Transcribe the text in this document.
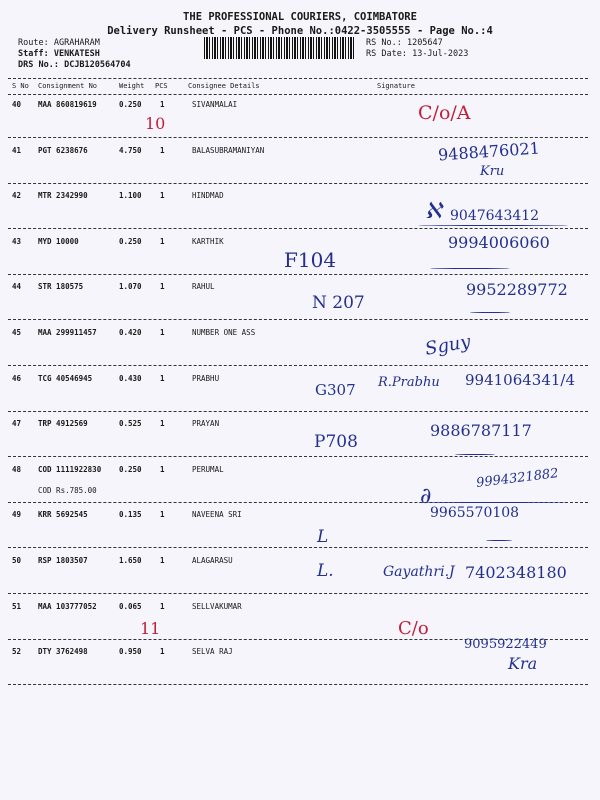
THE PROFESSIONAL COURIERS, COIMBATORE
Delivery Runsheet - PCS - Phone No.:0422-3505555 - Page No.:4
Route: AGRAHARAM
Staff: VENKATESH
DRS No.: DCJB120564704
RS No.: 1205647
RS Date: 13-Jul-2023
S No Consignment No	Weight PCS	Consignee Details	Signature
40 MAA 860819619	0.250 1	SIVANMALAI
41 PGT 6238676	4.750 1	BALASUBRAMANIYAN
42 MTR 2342990	1.100 1	HINDMAD
43 MYD 10000	0.250 1	KARTHIK
44 STR 180575	1.070 1	RAHUL
45 MAA 299911457	0.420 1	NUMBER ONE ASS
46 TCG 40546945	0.430 1	PRABHU
47 TRP 4912569	0.525 1	PRAYAN
48 COD 1111922830 0.250 1	PERUMAL
COD Rs.785.00
49 KRR 5692545	0.135 1	NAVEENA SRI
50 RSP 1803507	1.650 1	ALAGARASU
51 MAA 103777052	0.065 1	SELLVAKUMAR
52 DTY 3762498	0.950 1	SELVA RAJ
10	C/o/A
9488476021
Kru
ℵ 9047643412
F104
9994006060
N 207
9952289772
Sguy
G307 R.Prabhu 9941064341/4
P708
9886787117
∂
9994321882
9965570108
L
L.	Gayathri.J 7402348180
11	C/o
9095922449
Kra
